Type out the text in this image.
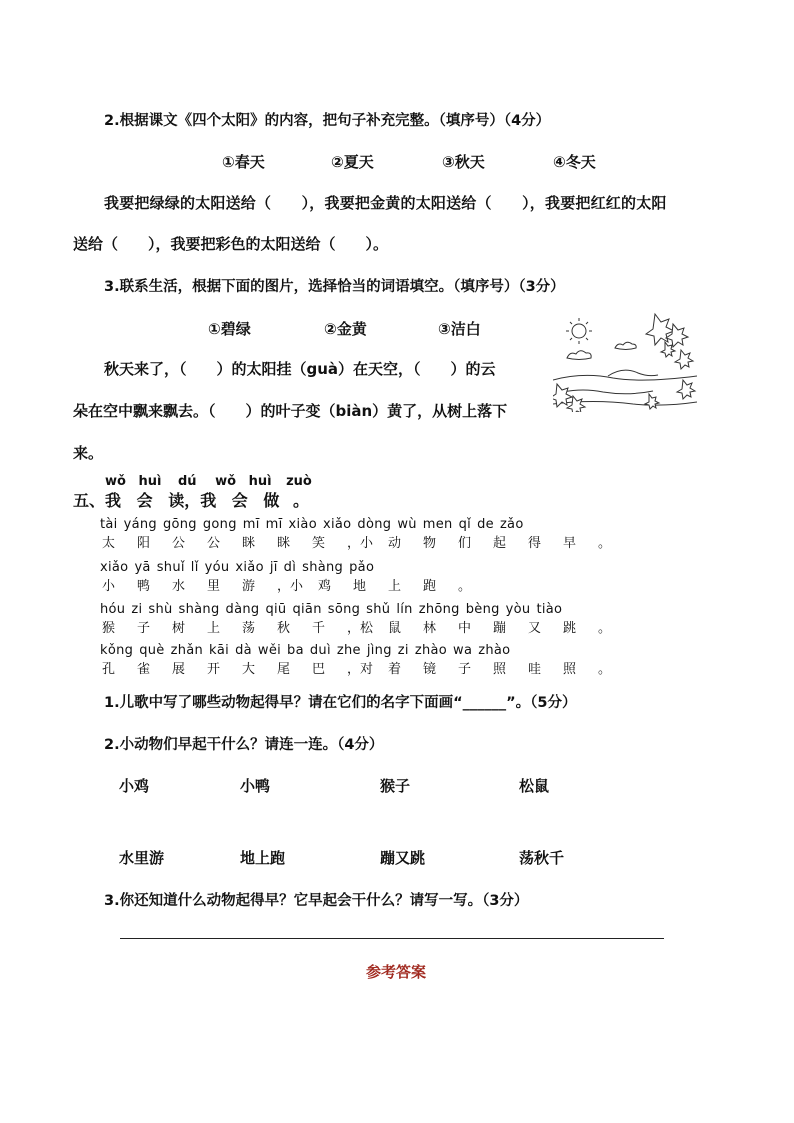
2.根据课文《四个太阳》的内容，把句子补充完整。（填序号）（4分）
①春天	②夏天	③秋天	④冬天
我要把绿绿的太阳送给（　　），我要把金黄的太阳送给（　　），我要把红红的太阳
送给（　　），我要把彩色的太阳送给（　　）。
3.联系生活，根据下面的图片，选择恰当的词语填空。（填序号）（3分）
①碧绿	②金黄	③洁白
秋天来了，（　　）的太阳挂（guà）在天空，（　　）的云
朵在空中飘来飘去。（　　）的叶子变（biàn）黄了，从树上落下
来。
wǒ huì dú wǒ huì zuò
五、我 会 读，我 会 做 。
tài yáng gōng gong mī mī xiào xiǎo dòng wù men qǐ de zǎo
太 阳 公 公 眯 眯 笑 ，小 动 物 们 起 得 早 。
xiǎo yā shuǐ lǐ yóu xiǎo jī dì shàng pǎo
小 鸭 水 里 游 ，小 鸡 地 上 跑 。
hóu zi shù shàng dàng qiū qiān sōng shǔ lín zhōng bèng yòu tiào
猴 子 树 上 荡 秋 千 ，松 鼠 林 中 蹦 又 跳 。
kǒng què zhǎn kāi dà wěi ba duì zhe jìng zi zhào wa zhào
孔 雀 展 开 大 尾 巴 ，对 着 镜 子 照 哇 照 。
1.儿歌中写了哪些动物起得早？请在它们的名字下面画“______”。（5分）
2.小动物们早起干什么？请连一连。（4分）
小鸡	小鸭	猴子	松鼠
水里游	地上跑	蹦又跳	荡秋千
3.你还知道什么动物起得早？它早起会干什么？请写一写。（3分）
参考答案
